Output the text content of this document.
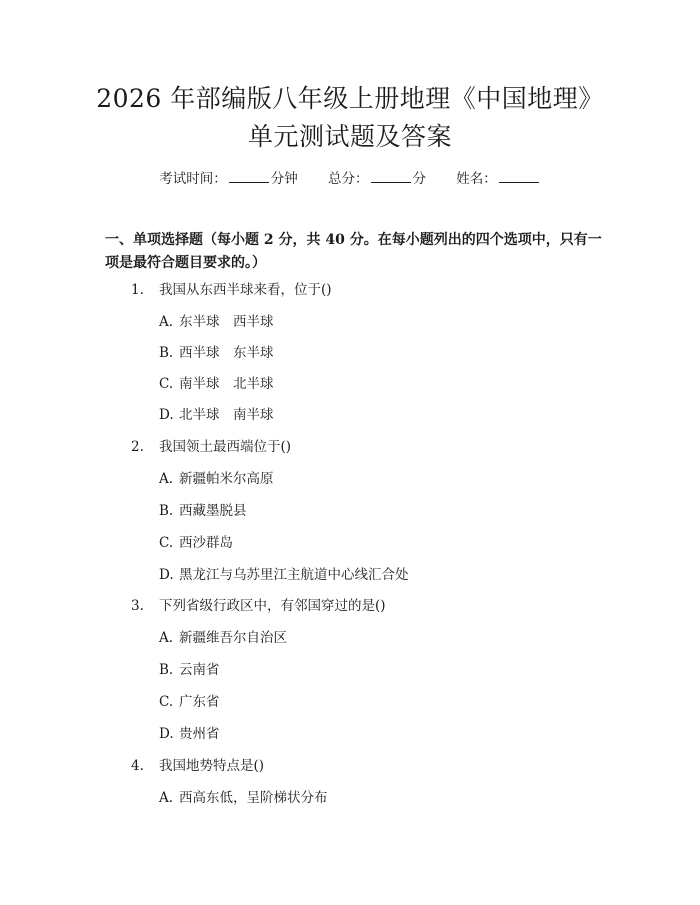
2026 年部编版八年级上册地理《中国地理》
单元测试题及答案
考试时间：	分钟 总分：	分 姓名：
一、单项选择题（每小题 2 分，共 40 分。在每小题列出的四个选项中，只有一项是最符合题目要求的。）
1. 我国从东西半球来看，位于()
A. 东半球　西半球
B. 西半球　东半球
C. 南半球　北半球
D. 北半球　南半球
2. 我国领土最西端位于()
A. 新疆帕米尔高原
B. 西藏墨脱县
C. 西沙群岛
D. 黑龙江与乌苏里江主航道中心线汇合处
3. 下列省级行政区中，有邻国穿过的是()
A. 新疆维吾尔自治区
B. 云南省
C. 广东省
D. 贵州省
4. 我国地势特点是()
A. 西高东低，呈阶梯状分布
